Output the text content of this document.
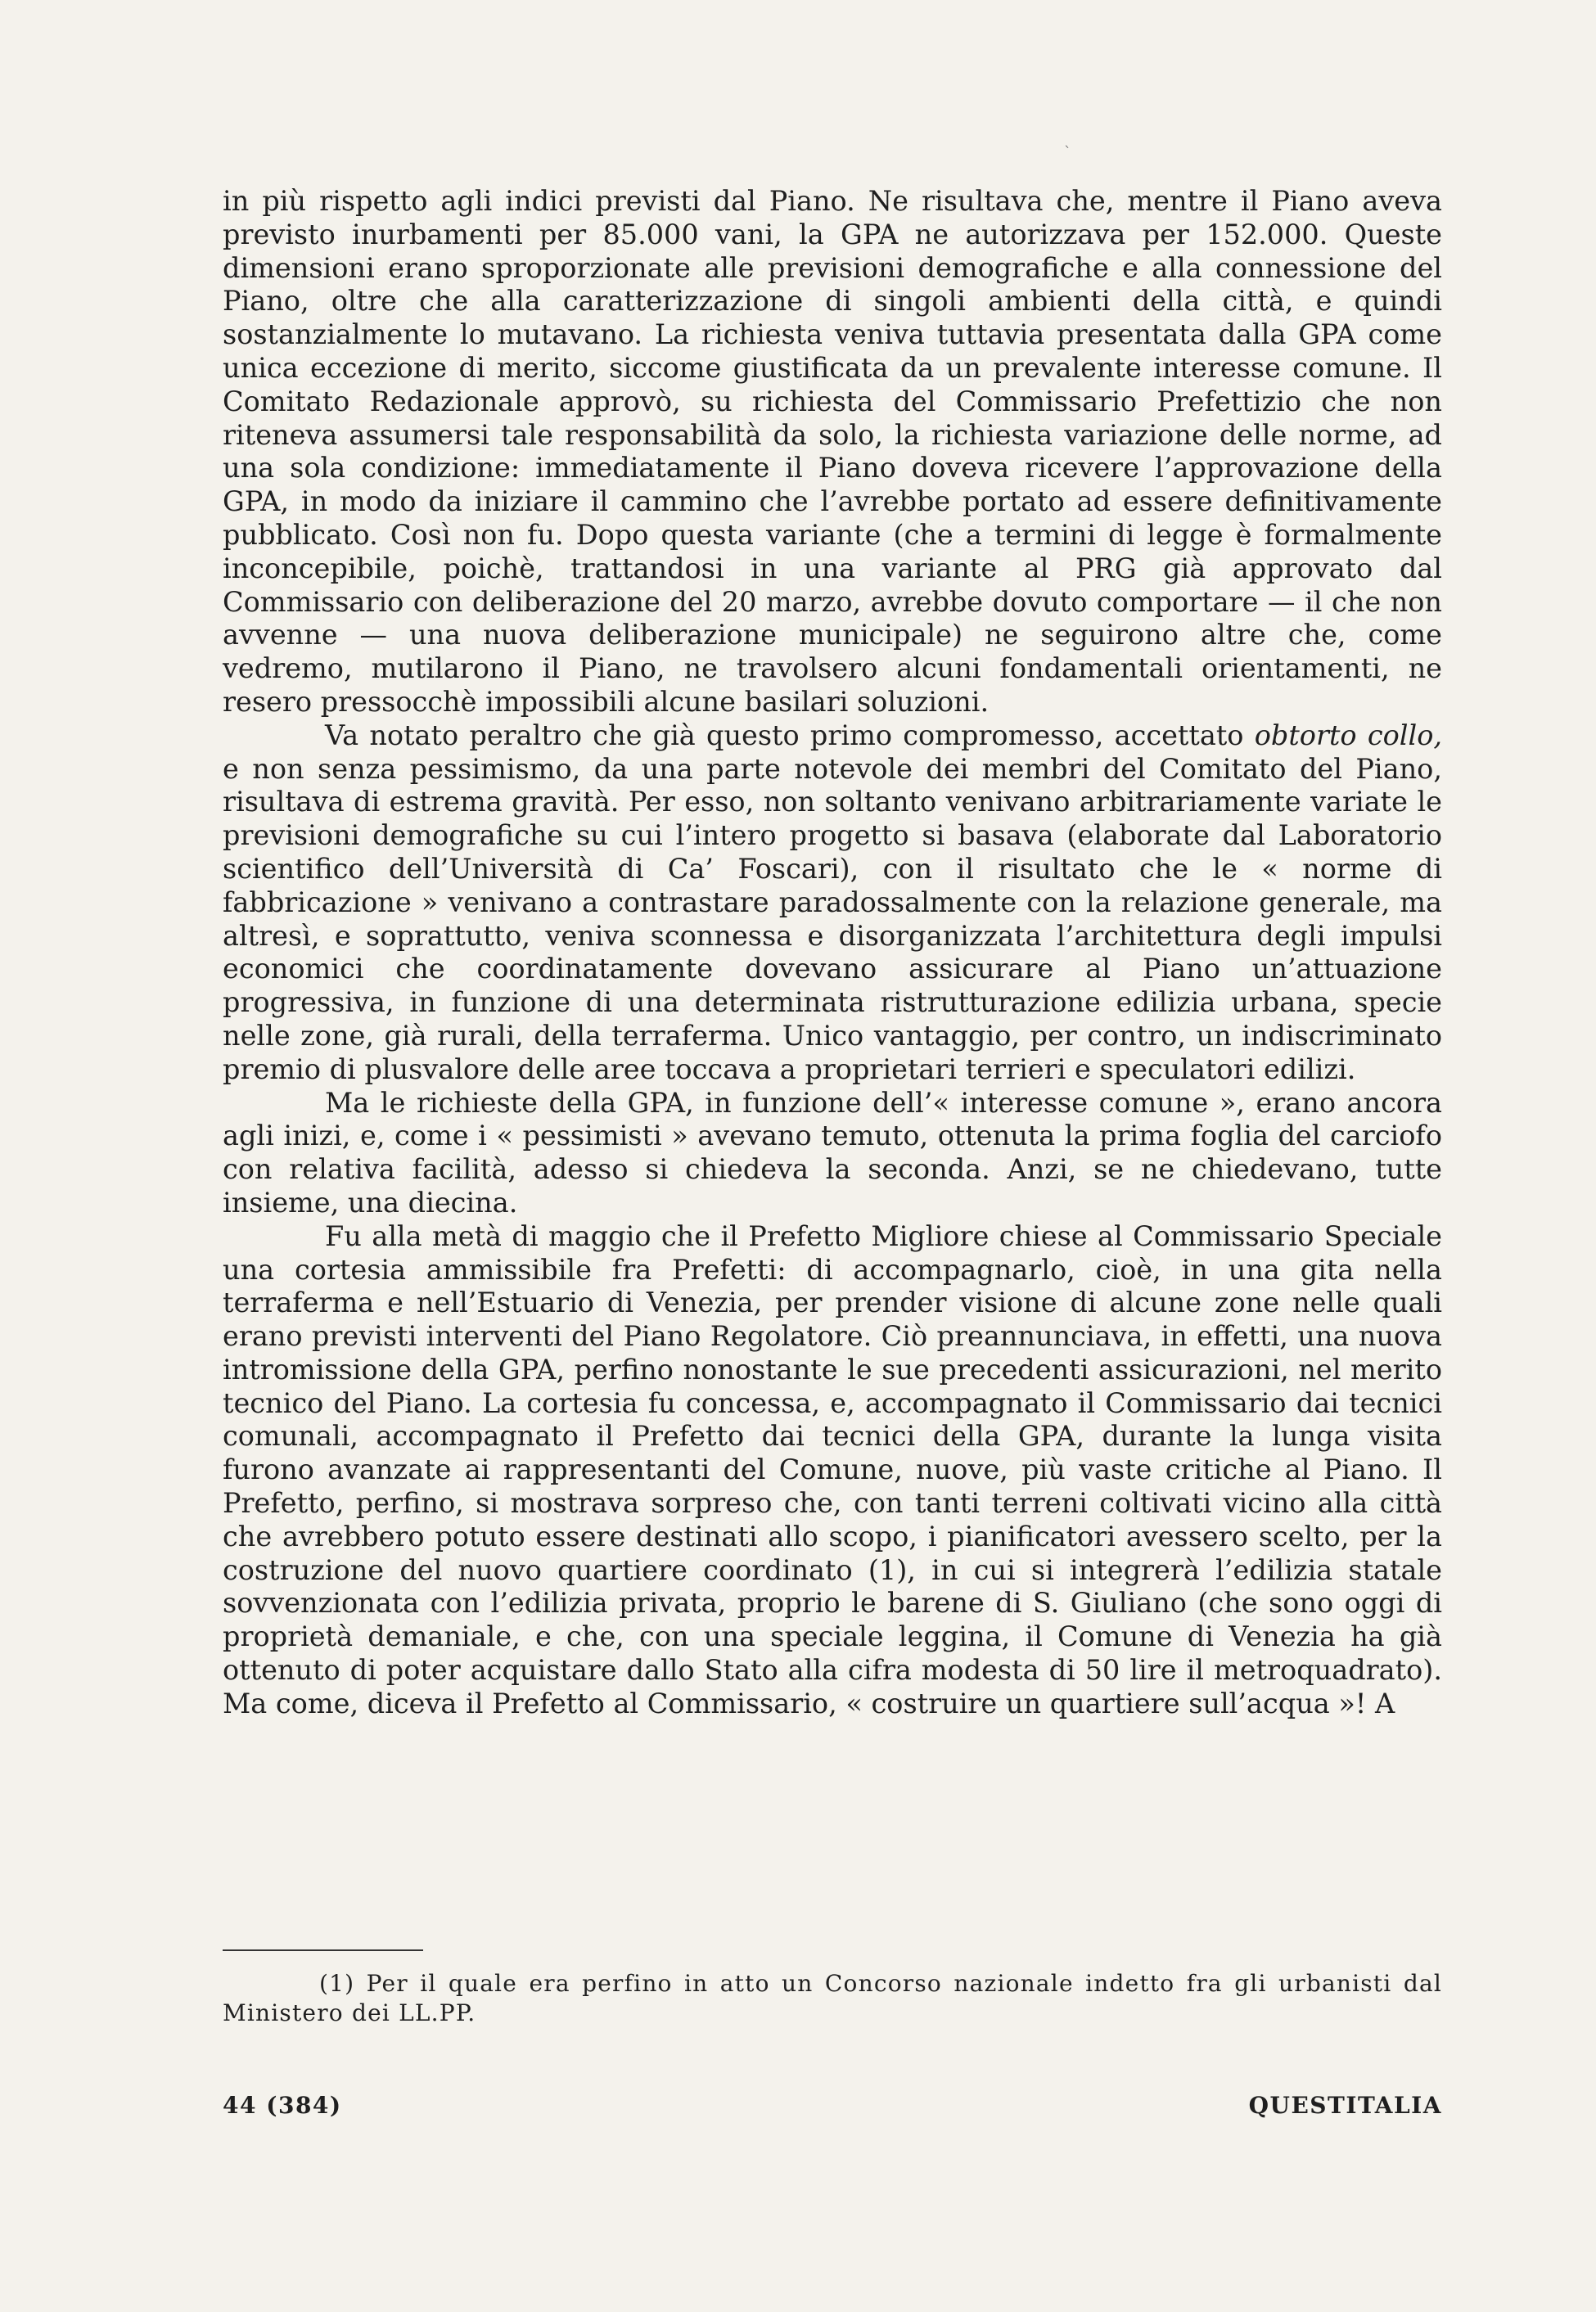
`

in più rispetto agli indici previsti dal Piano. Ne risultava che, mentre il Piano aveva previsto inurbamenti per 85.000 vani, la GPA ne autorizzava per 152.000. Queste dimensioni erano sproporzionate alle previsioni demografiche e alla connessione del Piano, oltre che alla caratterizzazione di singoli ambienti della città, e quindi sostanzialmente lo mutavano. La richiesta veniva tuttavia presentata dalla GPA come unica eccezione di merito, siccome giustificata da un prevalente interesse comune. Il Comitato Redazionale approvò, su richiesta del Commissario Prefettizio che non riteneva assumersi tale responsabilità da solo, la richiesta variazione delle norme, ad una sola condizione: immediatamente il Piano doveva ricevere l’approvazione della GPA, in modo da iniziare il cammino che l’avrebbe portato ad essere definitivamente pubblicato. Così non fu. Dopo questa variante (che a termini di legge è formalmente inconcepibile, poichè, trattandosi in una variante al PRG già approvato dal Commissario con deliberazione del 20 marzo, avrebbe dovuto comportare — il che non avvenne — una nuova deliberazione municipale) ne seguirono altre che, come vedremo, mutilarono il Piano, ne travolsero alcuni fondamentali orientamenti, ne resero pressocchè impossibili alcune basilari soluzioni.

Va notato peraltro che già questo primo compromesso, accettato obtorto collo, e non senza pessimismo, da una parte notevole dei membri del Comitato del Piano, risultava di estrema gravità. Per esso, non soltanto venivano arbitrariamente variate le previsioni demografiche su cui l’intero progetto si basava (elaborate dal Laboratorio scientifico dell’Università di Ca’ Foscari), con il risultato che le « norme di fabbricazione » venivano a contrastare paradossalmente con la relazione generale, ma altresì, e soprattutto, veniva sconnessa e disorganizzata l’architettura degli impulsi economici che coordinatamente dovevano assicurare al Piano un’attuazione progressiva, in funzione di una determinata ristrutturazione edilizia urbana, specie nelle zone, già rurali, della terraferma. Unico vantaggio, per contro, un indiscriminato premio di plusvalore delle aree toccava a proprietari terrieri e speculatori edilizi.

Ma le richieste della GPA, in funzione dell’« interesse comune », erano ancora agli inizi, e, come i « pessimisti » avevano temuto, ottenuta la prima foglia del carciofo con relativa facilità, adesso si chiedeva la seconda. Anzi, se ne chiedevano, tutte insieme, una diecina.

Fu alla metà di maggio che il Prefetto Migliore chiese al Commissario Speciale una cortesia ammissibile fra Prefetti: di accompagnarlo, cioè, in una gita nella terraferma e nell’Estuario di Venezia, per prender visione di alcune zone nelle quali erano previsti interventi del Piano Regolatore. Ciò preannunciava, in effetti, una nuova intromissione della GPA, perfino nonostante le sue precedenti assicurazioni, nel merito tecnico del Piano. La cortesia fu concessa, e, accompagnato il Commissario dai tecnici comunali, accompagnato il Prefetto dai tecnici della GPA, durante la lunga visita furono avanzate ai rappresentanti del Comune, nuove, più vaste critiche al Piano. Il Prefetto, perfino, si mostrava sorpreso che, con tanti terreni coltivati vicino alla città che avrebbero potuto essere destinati allo scopo, i pianificatori avessero scelto, per la costruzione del nuovo quartiere coordinato (1), in cui si integrerà l’edilizia statale sovvenzionata con l’edilizia privata, proprio le barene di S. Giuliano (che sono oggi di proprietà demaniale, e che, con una speciale leggina, il Comune di Venezia ha già ottenuto di poter acquistare dallo Stato alla cifra modesta di 50 lire il metroquadrato). Ma come, diceva il Prefetto al Commissario, « costruire un quartiere sull’acqua »! A

(1) Per il quale era perfino in atto un Concorso nazionale indetto fra gli urbanisti dal Ministero dei LL.PP.
44 (384)	QUESTITALIA
